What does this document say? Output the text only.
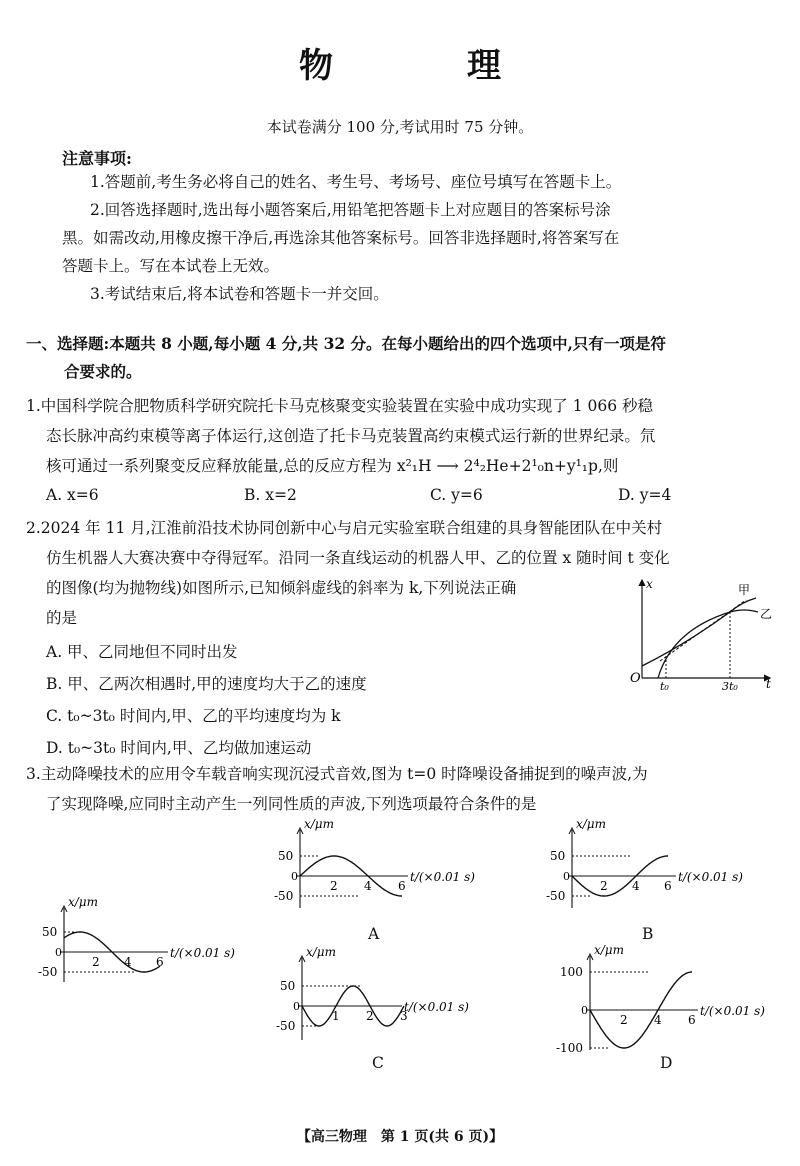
物　理
本试卷满分 100 分,考试用时 75 分钟。
注意事项:
1.答题前,考生务必将自己的姓名、考生号、考场号、座位号填写在答题卡上。
2.回答选择题时,选出每小题答案后,用铅笔把答题卡上对应题目的答案标号涂
黑。如需改动,用橡皮擦干净后,再选涂其他答案标号。回答非选择题时,将答案写在
答题卡上。写在本试卷上无效。
3.考试结束后,将本试卷和答题卡一并交回。
一、选择题:本题共 8 小题,每小题 4 分,共 32 分。在每小题给出的四个选项中,只有一项是符
合要求的。
1.中国科学院合肥物质科学研究院托卡马克核聚变实验装置在实验中成功实现了 1 066 秒稳
态长脉冲高约束模等离子体运行,这创造了托卡马克装置高约束模式运行新的世界纪录。氘
核可通过一系列聚变反应释放能量,总的反应方程为 x²₁H ⟶ 2⁴₂He+2¹₀n+y¹₁p,则
A. x=6	B. x=2	C. y=6	D. y=4
2.2024 年 11 月,江淮前沿技术协同创新中心与启元实验室联合组建的具身智能团队在中关村
仿生机器人大赛决赛中夺得冠军。沿同一条直线运动的机器人甲、乙的位置 x 随时间 t 变化
的图像(均为抛物线)如图所示,已知倾斜虚线的斜率为 k,下列说法正确
的是
A. 甲、乙同地但不同时出发
B. 甲、乙两次相遇时,甲的速度均大于乙的速度
C. t₀~3t₀ 时间内,甲、乙的平均速度均为 k
D. t₀~3t₀ 时间内,甲、乙均做加速运动
O
x
t
t₀	3t₀
甲
乙
3.主动降噪技术的应用令车载音响实现沉浸式音效,图为 t=0 时降噪设备捕捉到的噪声波,为
了实现降噪,应同时主动产生一列同性质的声波,下列选项最符合条件的是
x/μm
t/(×0.01 s)
50
-50
0
2 4 6
x/μm
t/(×0.01 s)
50
-50
0
2 4 6
x/μm
t/(×0.01 s)
50
-50
0
2 4 6
x/μm
t/(×0.01 s)
50
-50
0
1 2 3
x/μm
t/(×0.01 s)
100
-100
0
2 4 6
A	B
C	D
【高三物理　第 1 页(共 6 页)】
